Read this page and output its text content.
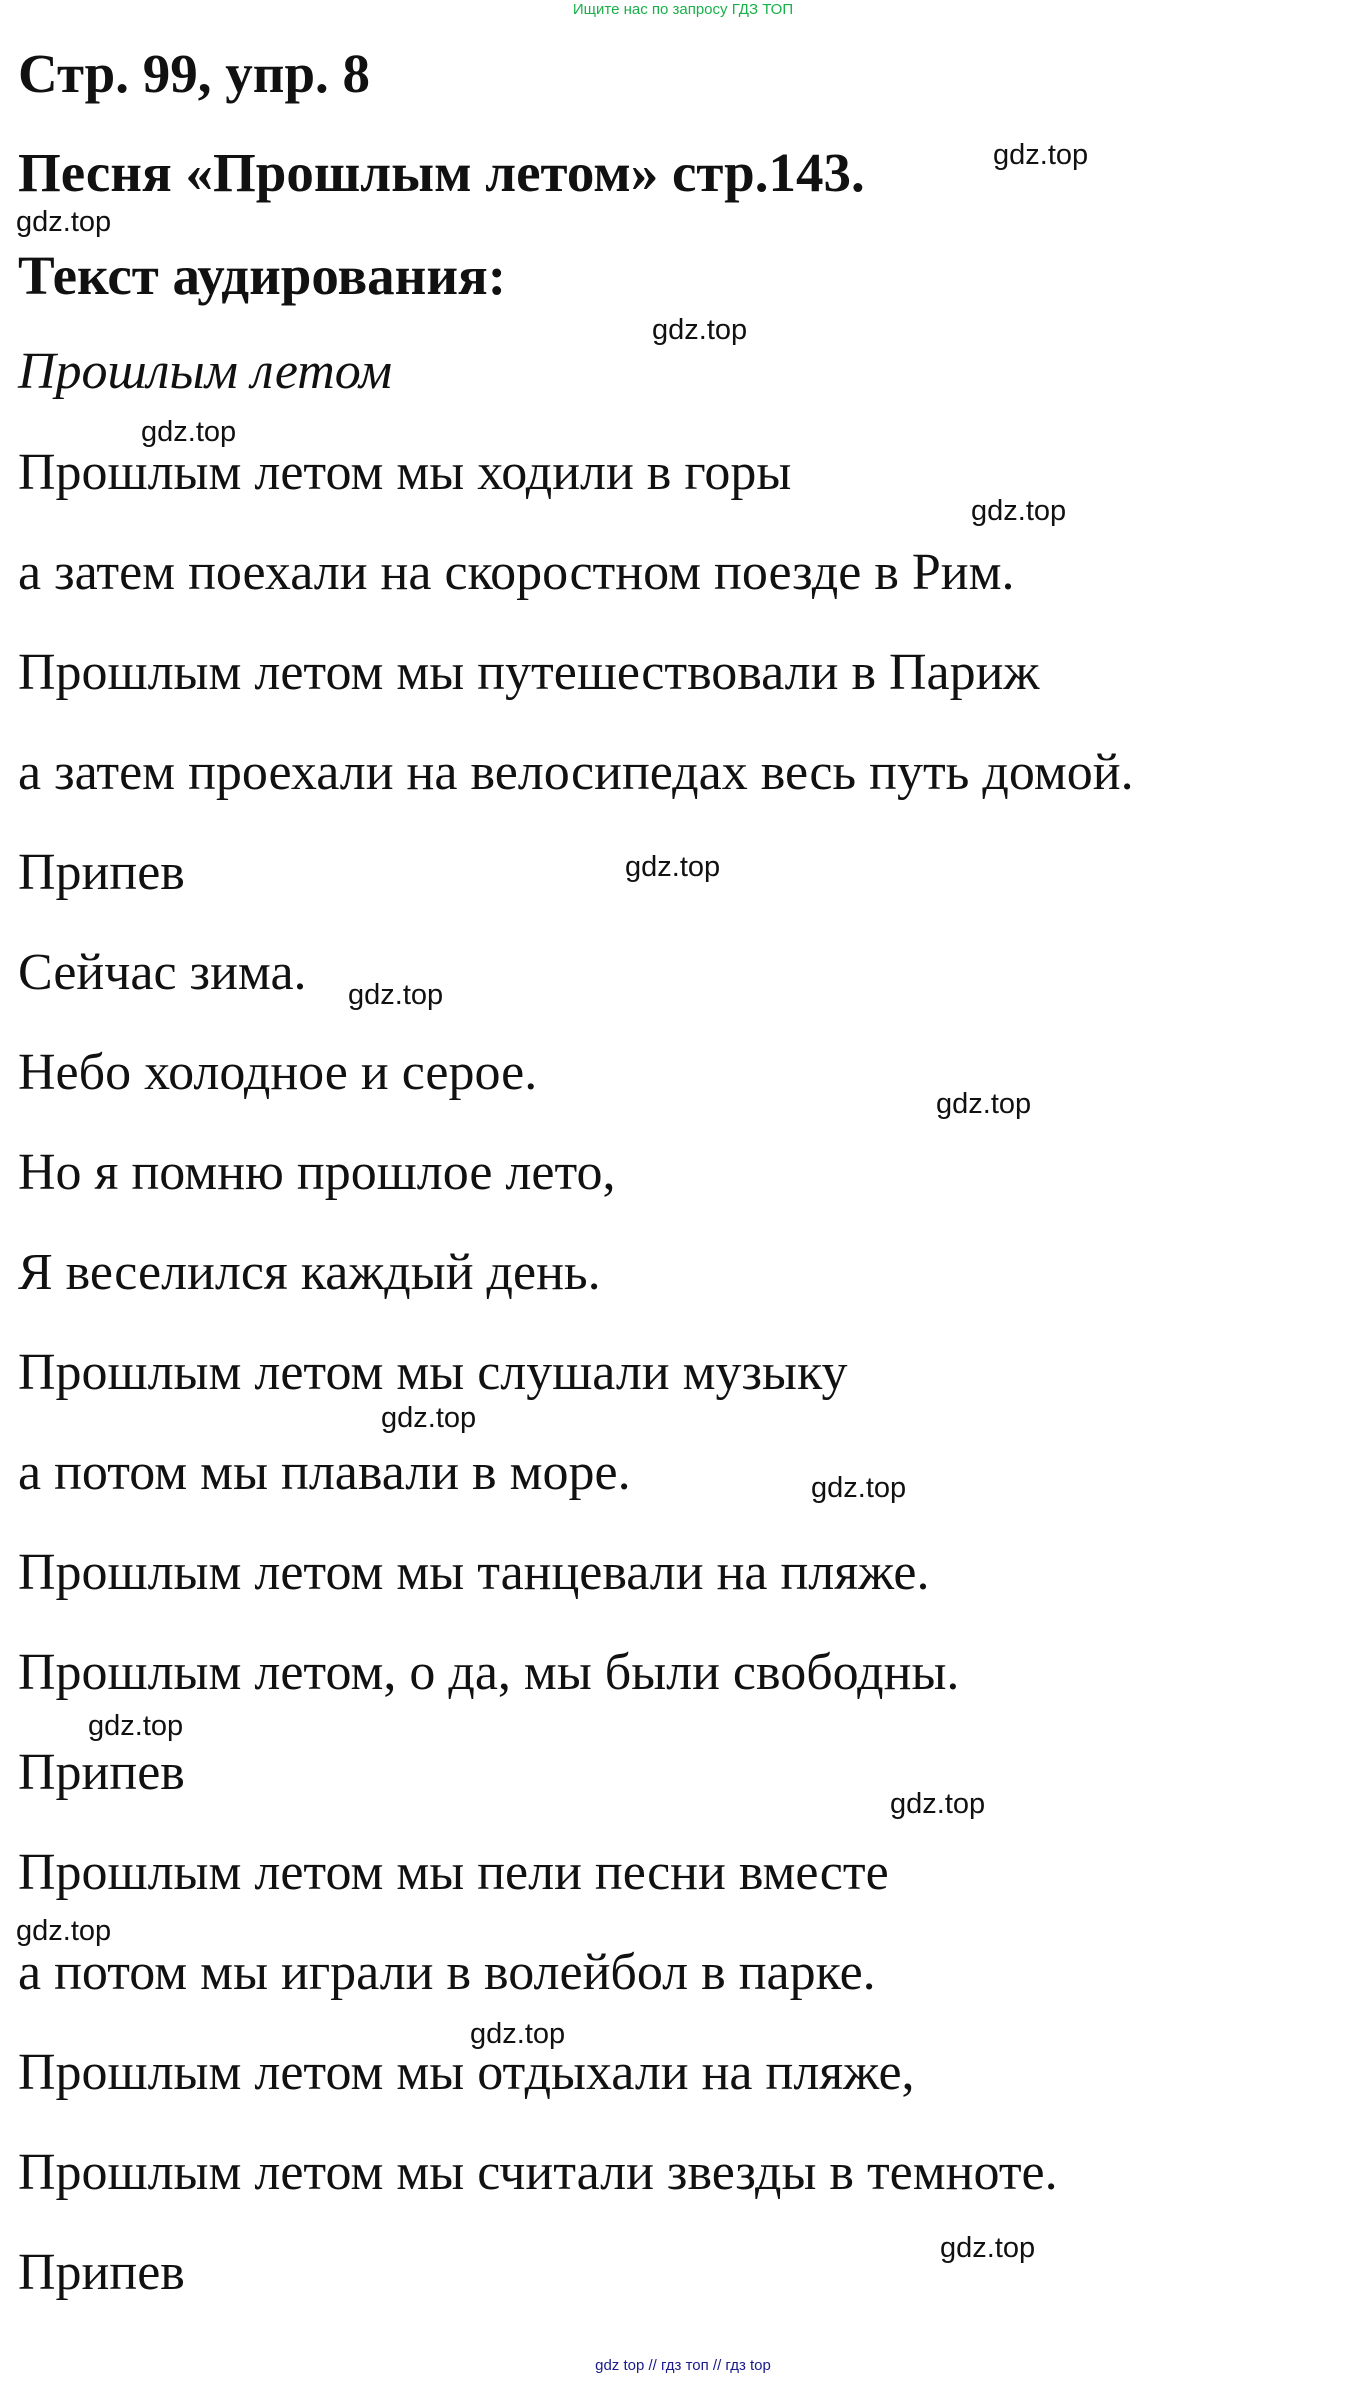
Ищите нас по запросу ГДЗ ТОП
Стр. 99, упр. 8
Песня «Прошлым летом» стр.143.
Текст аудирования:
Прошлым летом
Прошлым летом мы ходили в горы
а затем поехали на скоростном поезде в Рим.
Прошлым летом мы путешествовали в Париж
а затем проехали на велосипедах весь путь домой.
Припев
Сейчас зима.
Небо холодное и серое.
Но я помню прошлое лето,
Я веселился каждый день.
Прошлым летом мы слушали музыку
а потом мы плавали в море.
Прошлым летом мы танцевали на пляже.
Прошлым летом, о да, мы были свободны.
Припев
Прошлым летом мы пели песни вместе
а потом мы играли в волейбол в парке.
Прошлым летом мы отдыхали на пляже,
Прошлым летом мы считали звезды в темноте.
Припев
gdz.top
gdz.top
gdz.top
gdz.top
gdz.top
gdz.top
gdz.top
gdz.top
gdz.top
gdz.top
gdz.top
gdz.top
gdz.top
gdz.top
gdz.top
gdz top // гдз топ // гдз top
